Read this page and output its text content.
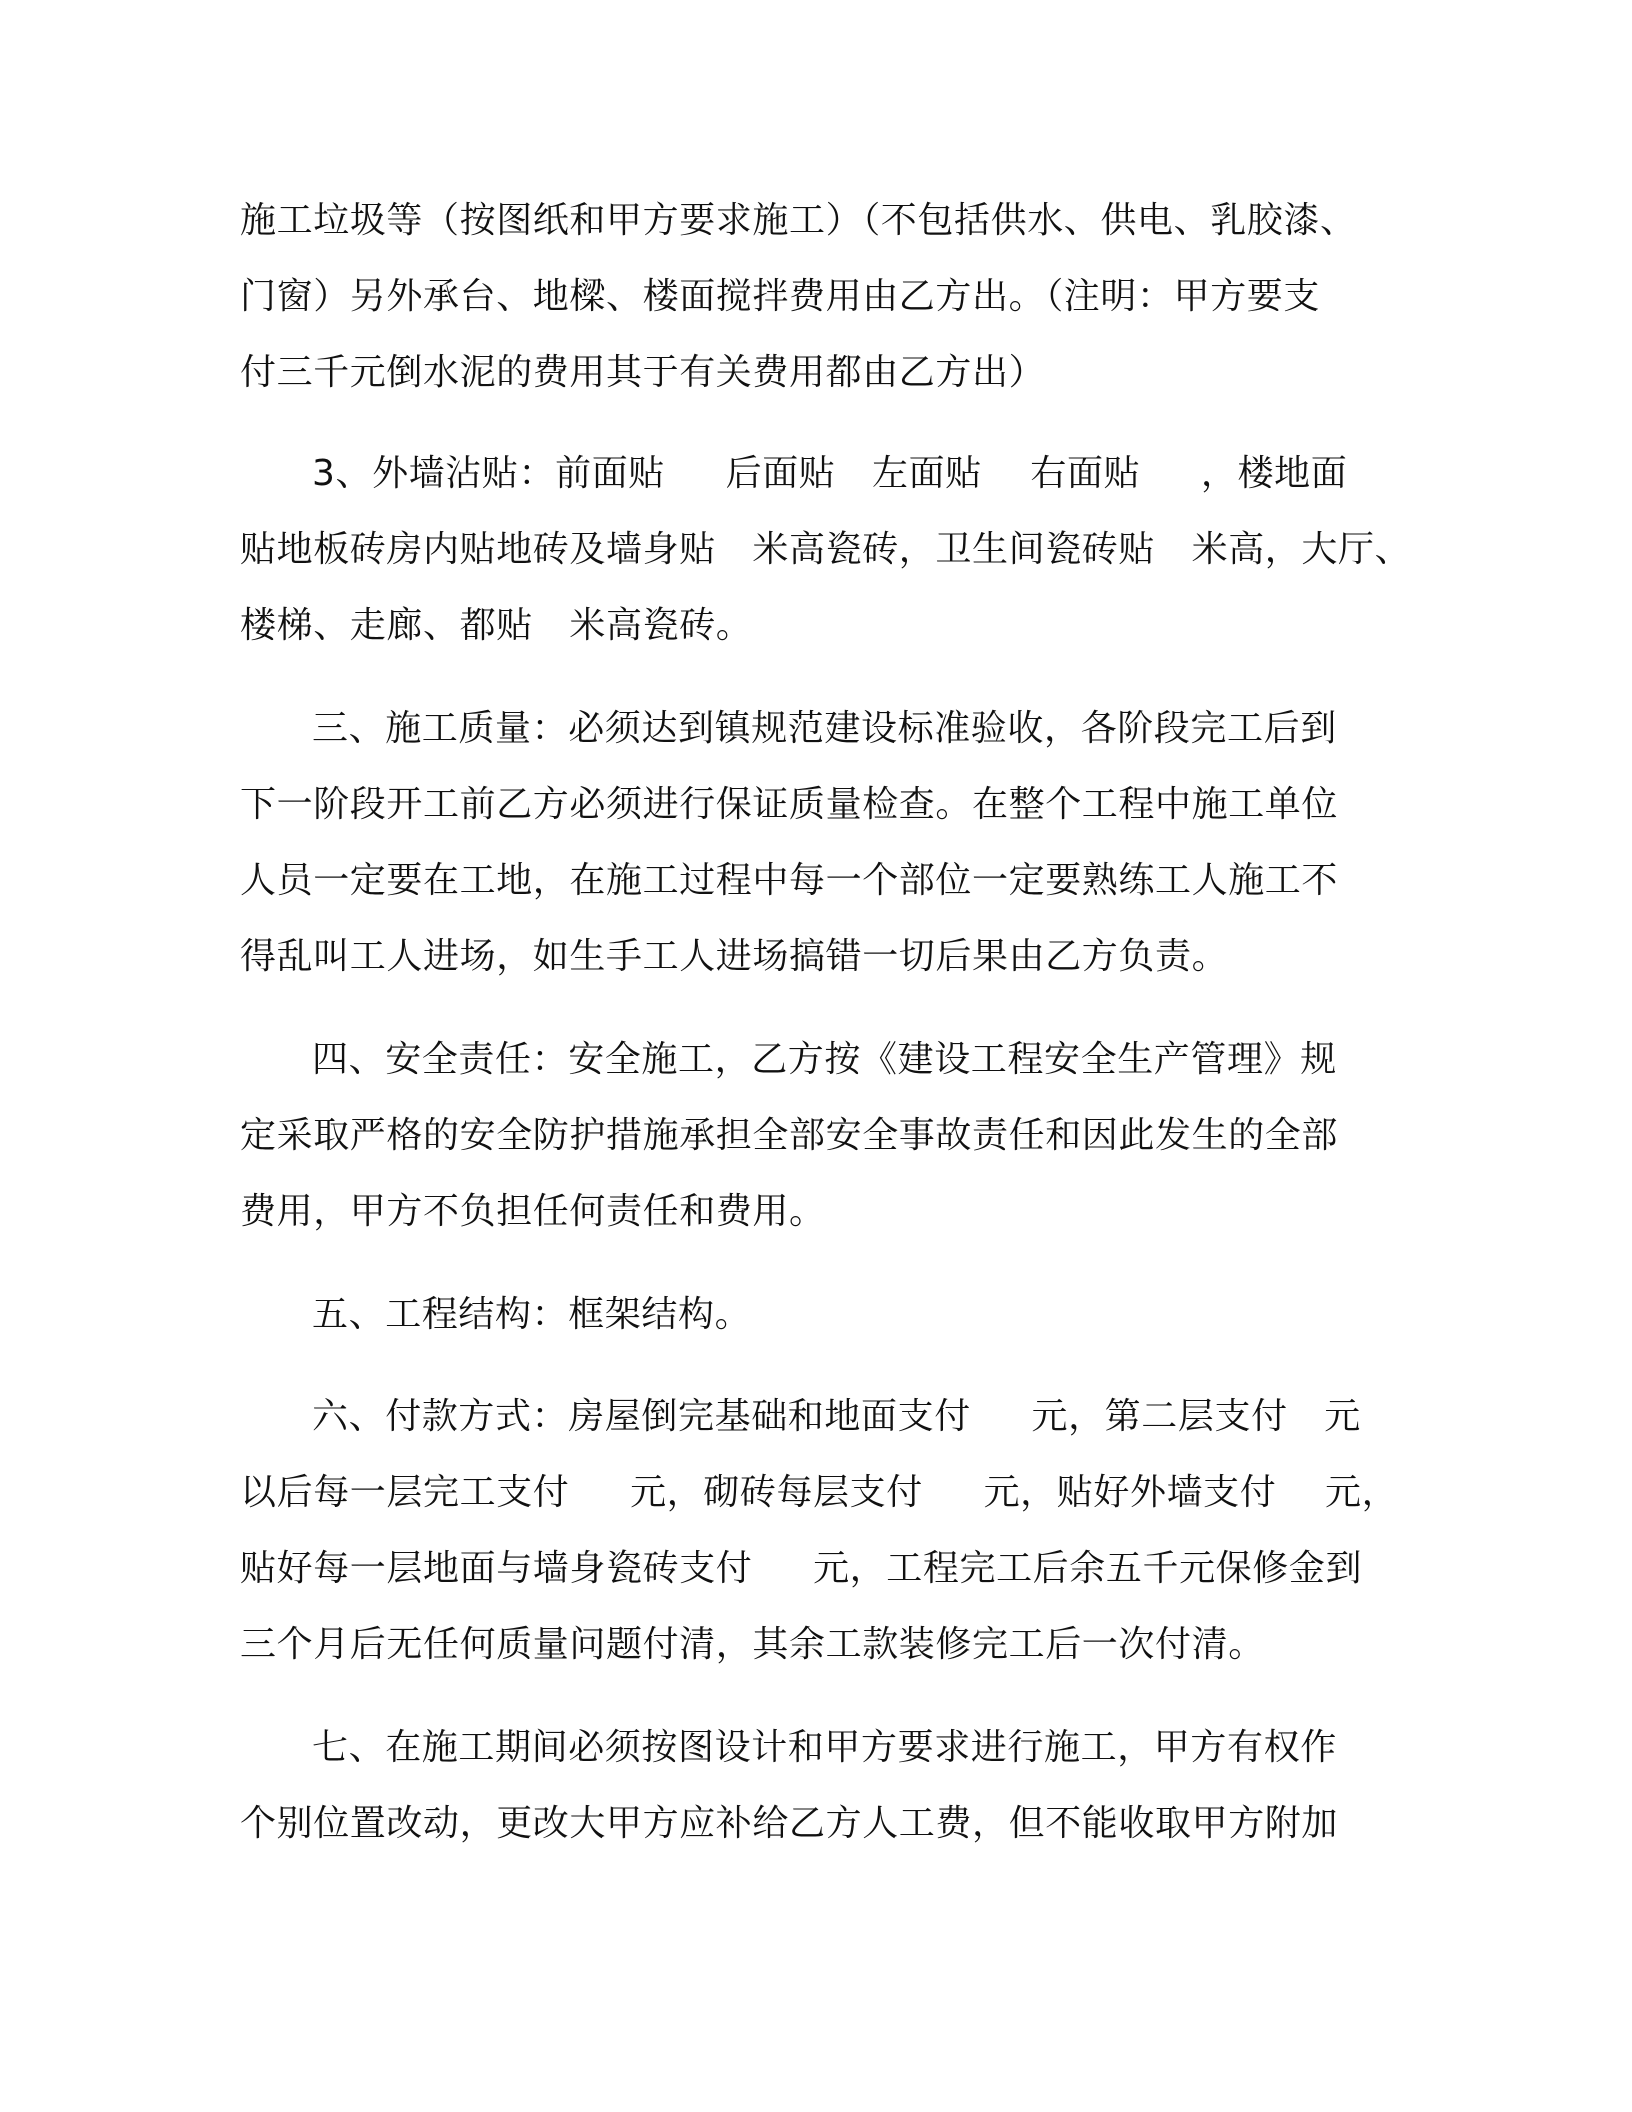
施工垃圾等（按图纸和甲方要求施工）（不包括供水、供电、乳胶漆、
门窗）另外承台、地樑、楼面搅拌费用由乙方出。（注明：甲方要支
付三千元倒水泥的费用其于有关费用都由乙方出）
3、外墙沾贴：前面贴　  后面贴　左面贴　 右面贴　  ，楼地面
贴地板砖房内贴地砖及墙身贴　米高瓷砖，卫生间瓷砖贴　米高，大厅、
楼梯、走廊、都贴　米高瓷砖。
三、施工质量：必须达到镇规范建设标准验收，各阶段完工后到
下一阶段开工前乙方必须进行保证质量检查。在整个工程中施工单位
人员一定要在工地，在施工过程中每一个部位一定要熟练工人施工不
得乱叫工人进场，如生手工人进场搞错一切后果由乙方负责。
四、安全责任：安全施工，乙方按《建设工程安全生产管理》规
定采取严格的安全防护措施承担全部安全事故责任和因此发生的全部
费用，甲方不负担任何责任和费用。
五、工程结构：框架结构。
六、付款方式：房屋倒完基础和地面支付　  元，第二层支付　元
以后每一层完工支付　  元，砌砖每层支付　  元，贴好外墙支付　 元，
贴好每一层地面与墙身瓷砖支付　  元，工程完工后余五千元保修金到
三个月后无任何质量问题付清，其余工款装修完工后一次付清。
七、在施工期间必须按图设计和甲方要求进行施工，甲方有权作
个别位置改动，更改大甲方应补给乙方人工费，但不能收取甲方附加
